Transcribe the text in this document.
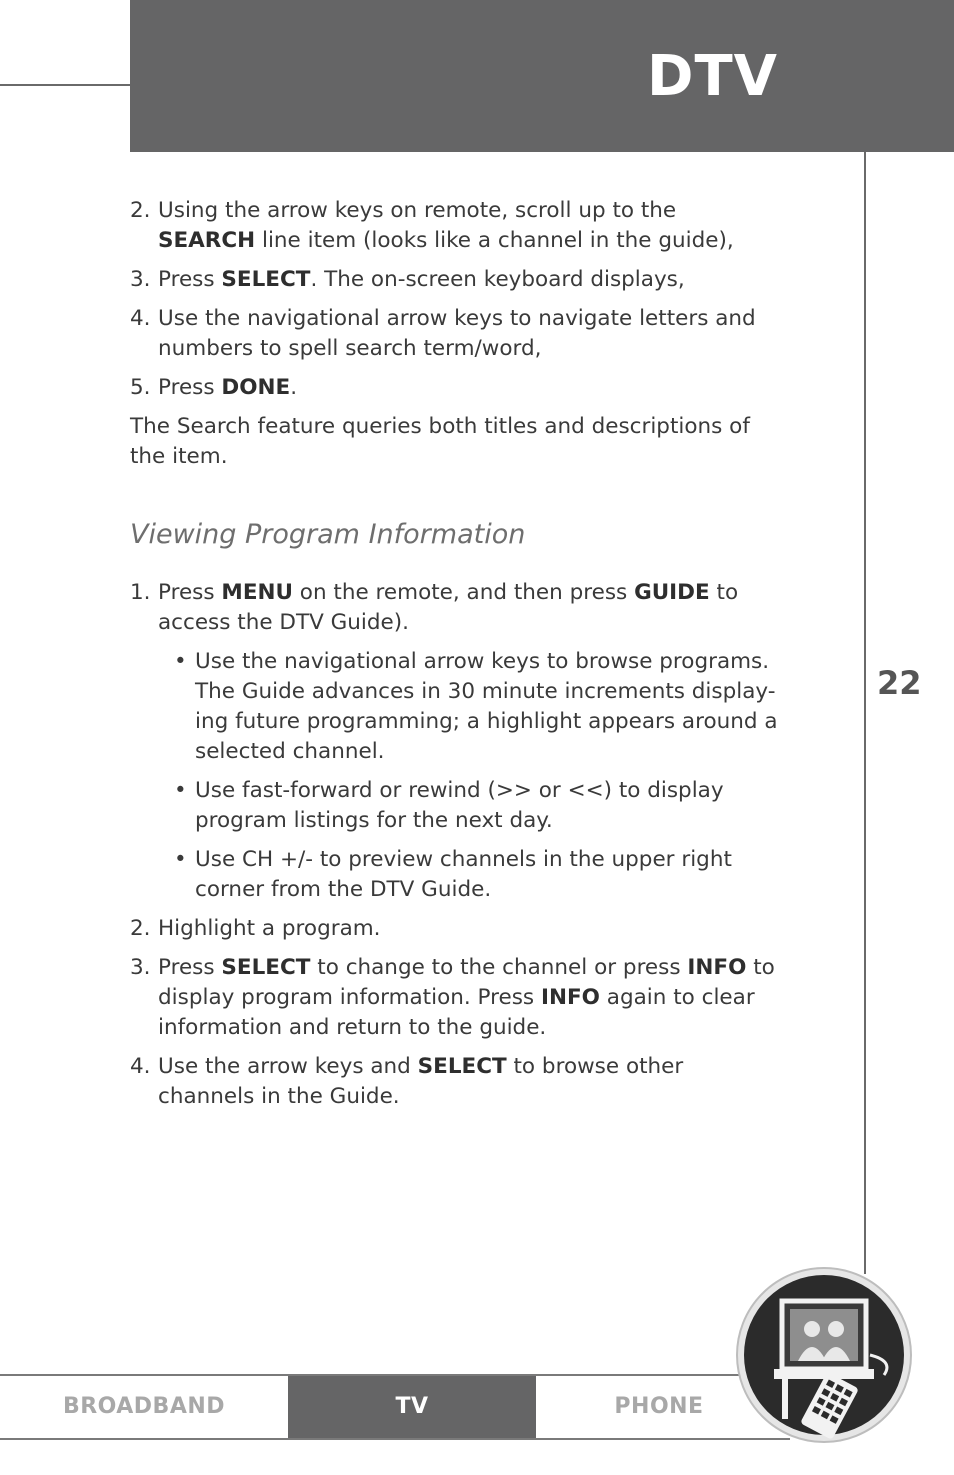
DTV
22
2. Using the arrow keys on remote, scroll up to the SEARCH line item (looks like a channel in the guide),
3. Press SELECT. The on-screen keyboard displays,
4. Use the navigational arrow keys to navigate letters and numbers to spell search term/word,
5. Press DONE.

The Search feature queries both titles and descriptions of the item.

Viewing Program Information
1. Press MENU on the remote, and then press GUIDE to access the DTV Guide).
• Use the navigational arrow keys to browse programs. The Guide advances in 30 minute increments display-ing future programming; a highlight appears around a selected channel.
• Use fast-forward or rewind (>> or <<) to display program listings for the next day.
• Use CH +/- to preview channels in the upper right corner from the DTV Guide.
2. Highlight a program.
3. Press SELECT to change to the channel or press INFO to display program information. Press INFO again to clear information and return to the guide.
4. Use the arrow keys and SELECT to browse other channels in the Guide.
BROADBAND	TV	PHONE
